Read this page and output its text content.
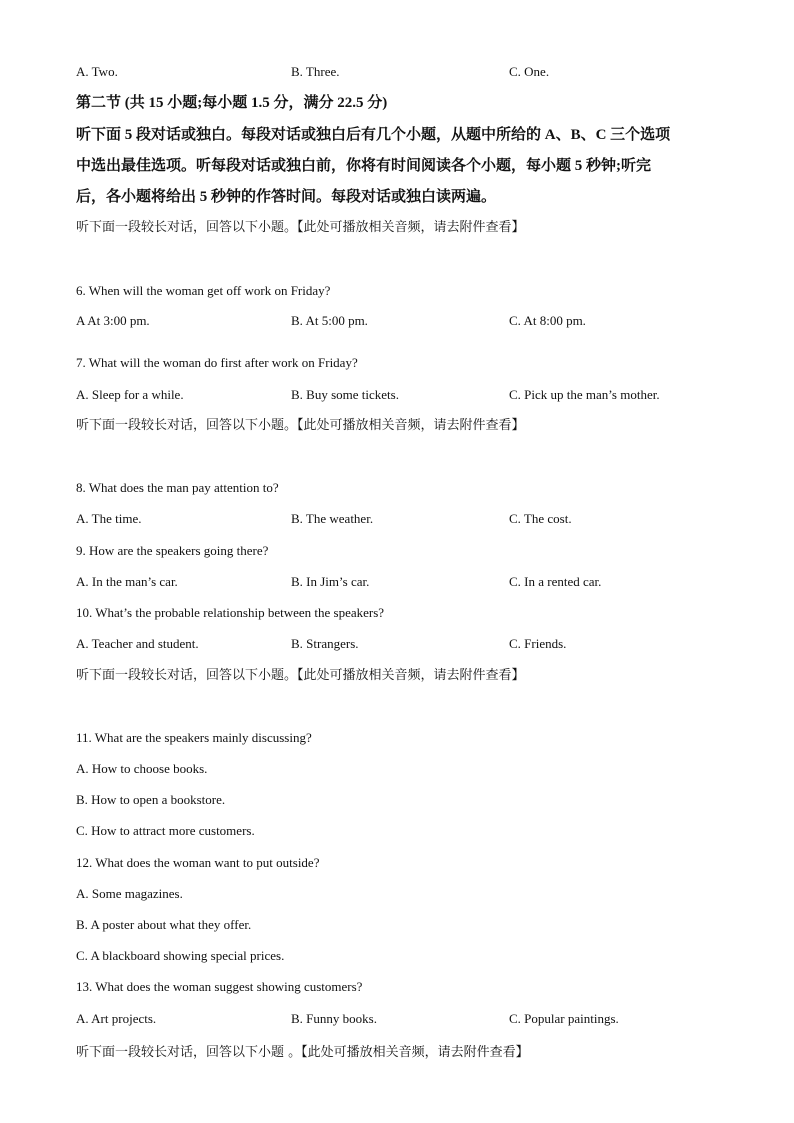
A. Two.	B. Three.	C. One.
第二节 (共 15 小题;每小题 1.5 分，满分 22.5 分)
听下面 5 段对话或独白。每段对话或独白后有几个小题，从题中所给的 A、B、C 三个选项
中选出最佳选项。听每段对话或独白前，你将有时间阅读各个小题，每小题 5 秒钟;听完
后，各小题将给出 5 秒钟的作答时间。每段对话或独白读两遍。
听下面一段较长对话，回答以下小题。【此处可播放相关音频，请去附件查看】
6. When will the woman get off work on Friday?
A At 3:00 pm.	B. At 5:00 pm.	C. At 8:00 pm.
7. What will the woman do first after work on Friday?
A. Sleep for a while.	B. Buy some tickets.	C. Pick up the man’s mother.
听下面一段较长对话，回答以下小题。【此处可播放相关音频，请去附件查看】
8. What does the man pay attention to?
A. The time.	B. The weather.	C. The cost.
9. How are the speakers going there?
A. In the man’s car.	B. In Jim’s car.	C. In a rented car.
10. What’s the probable relationship between the speakers?
A. Teacher and student.	B. Strangers.	C. Friends.
听下面一段较长对话，回答以下小题。【此处可播放相关音频，请去附件查看】
11. What are the speakers mainly discussing?
A. How to choose books.
B. How to open a bookstore.
C. How to attract more customers.
12. What does the woman want to put outside?
A. Some magazines.
B. A poster about what they offer.
C. A blackboard showing special prices.
13. What does the woman suggest showing customers?
A. Art projects.	B. Funny books.	C. Popular paintings.
听下面一段较长对话，回答以下小题 。【此处可播放相关音频，请去附件查看】
